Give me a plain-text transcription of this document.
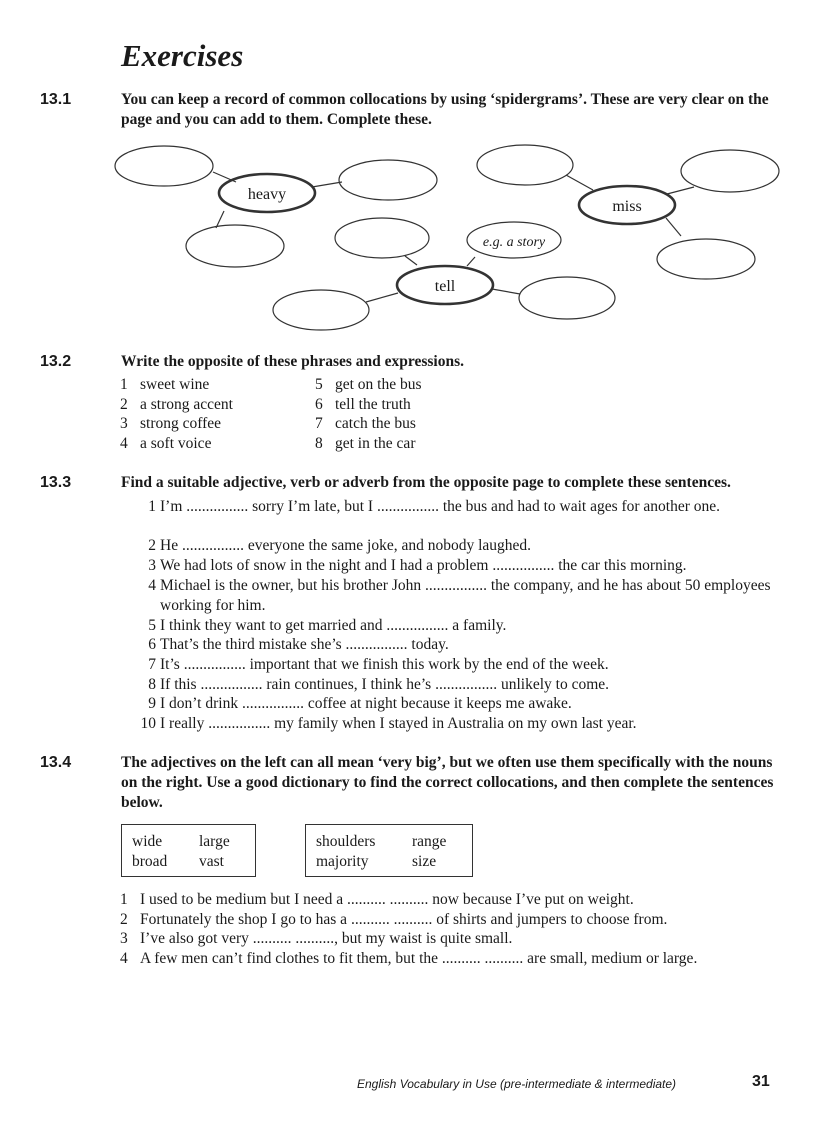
Exercises
13.1	You can keep a record of common collocations by using ‘spidergrams’. These are very clear on the page and you can add to them. Complete these.
heavy
miss
tell
e.g. a story
13.2	Write the opposite of these phrases and expressions.
1 sweet wine
2 a strong accent
3 strong coffee
4 a soft voice
5 get on the bus
6 tell the truth
7 catch the bus
8 get in the car
13.3	Find a suitable adjective, verb or adverb from the opposite page to complete these sentences.
1 I’m ................ sorry I’m late, but I ................ the bus and had to wait ages for another one.
2 He ................ everyone the same joke, and nobody laughed.
3 We had lots of snow in the night and I had a problem ................ the car this morning.
4 Michael is the owner, but his brother John ................ the company, and he has about 50 employees working for him.
5 I think they want to get married and ................ a family.
6 That’s the third mistake she’s ................ today.
7 It’s ................ important that we finish this work by the end of the week.
8 If this ................ rain continues, I think he’s ................ unlikely to come.
9 I don’t drink ................ coffee at night because it keeps me awake.
10 I really ................ my family when I stayed in Australia on my own last year.
13.4	The adjectives on the left can all mean ‘very big’, but we often use them specifically with the nouns on the right. Use a good dictionary to find the correct collocations, and then complete the sentences below.
wide large
broad vast
shoulders range
majority	size
1 I used to be medium but I need a .......... .......... now because I’ve put on weight.
2 Fortunately the shop I go to has a .......... .......... of shirts and jumpers to choose from.
3 I’ve also got very .......... .........., but my waist is quite small.
4 A few men can’t find clothes to fit them, but the .......... .......... are small, medium or large.
English Vocabulary in Use (pre-intermediate & intermediate)	31
